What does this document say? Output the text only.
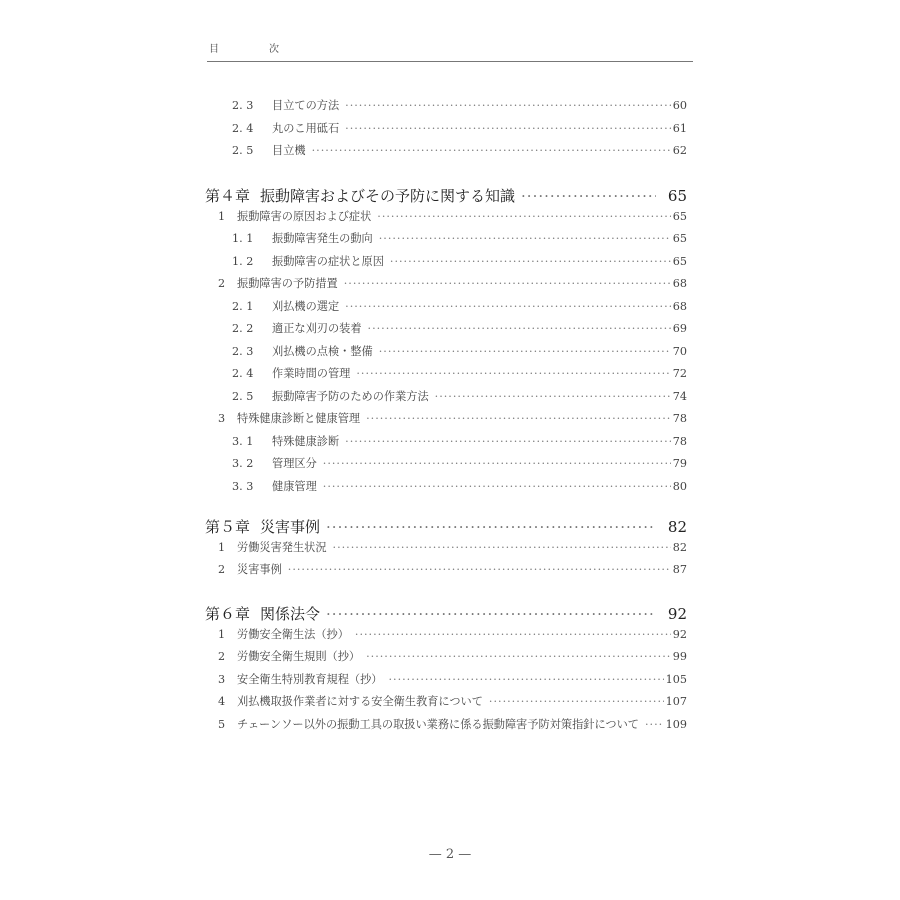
目　次
2. 3	目立ての方法 ·····	60
2. 4	丸のこ用砥石 ·····	61
2. 5	目立機 ·····	62
第４章 振動障害およびその予防に関する知識 ·····	65
1	振動障害の原因および症状 ·····	65
1. 1	振動障害発生の動向 ·····	65
1. 2	振動障害の症状と原因 ·····	65
2	振動障害の予防措置 ·····	68
2. 1	刈払機の選定 ·····	68
2. 2	適正な刈刃の装着 ·····	69
2. 3	刈払機の点検・整備 ·····	70
2. 4	作業時間の管理 ·····	72
2. 5	振動障害予防のための作業方法 ·····	74
3	特殊健康診断と健康管理 ·····	78
3. 1	特殊健康診断 ·····	78
3. 2	管理区分 ·····	79
3. 3	健康管理 ·····	80
第５章 災害事例 ·····	82
1	労働災害発生状況 ·····	82
2	災害事例 ·····	87
第６章 関係法令 ·····	92
1	労働安全衛生法（抄） ·····	92
2	労働安全衛生規則（抄） ·····	99
3	安全衛生特別教育規程（抄） ·····	105
4	刈払機取扱作業者に対する安全衛生教育について ·····	107
5	チェーンソー以外の振動工具の取扱い業務に係る振動障害予防対策指針について ····· 109
— 2 —
